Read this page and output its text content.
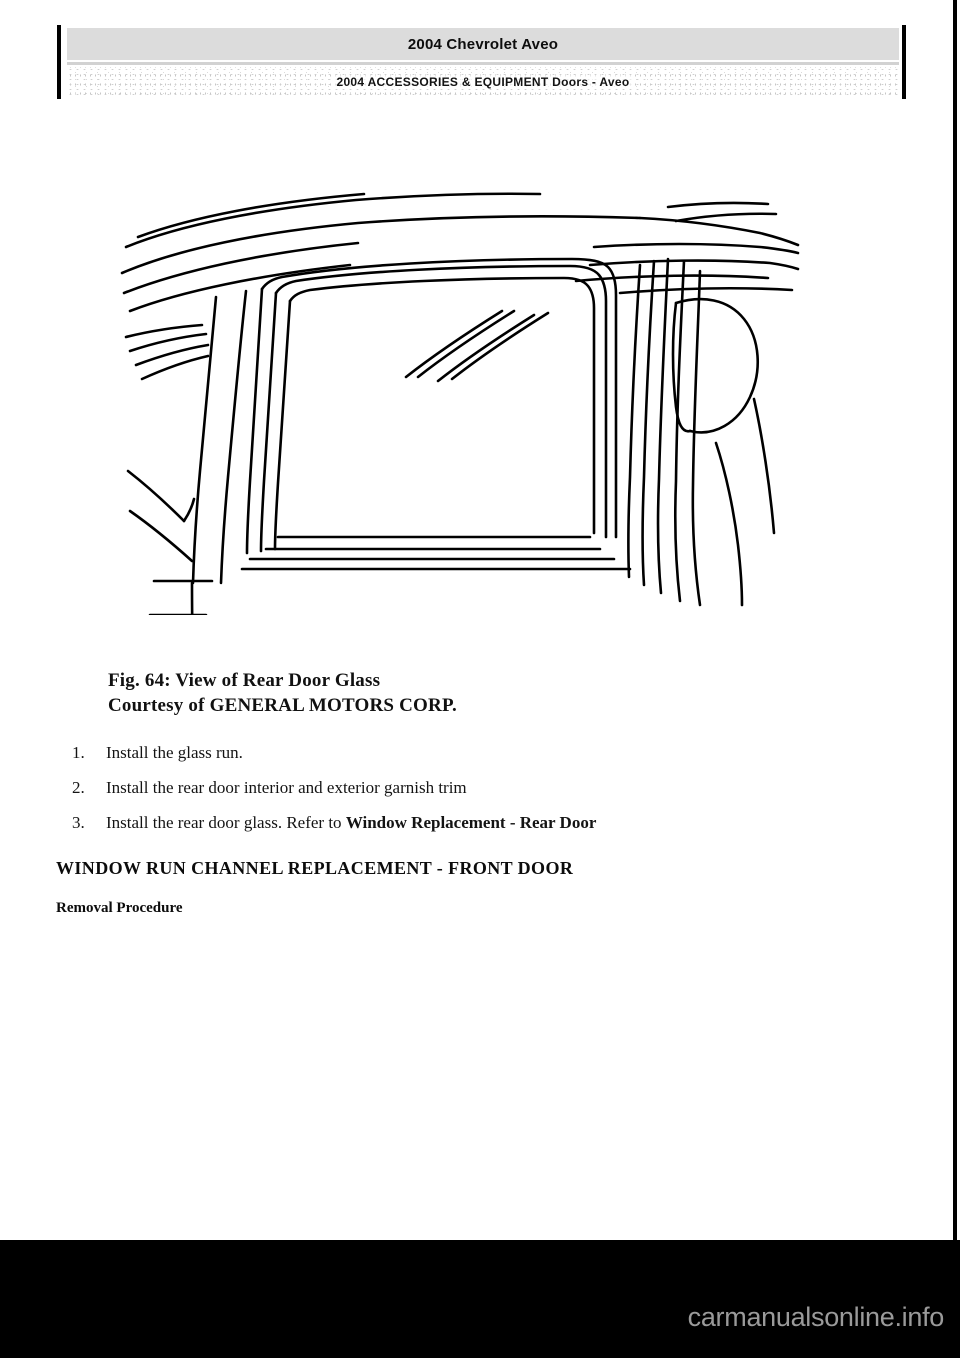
2004 Chevrolet Aveo
2004 ACCESSORIES & EQUIPMENT Doors - Aveo
Fig. 64: View of Rear Door Glass
Courtesy of GENERAL MOTORS CORP.
1.	Install the glass run.
2.	Install the rear door interior and exterior garnish trim
3.	Install the rear door glass. Refer to Window Replacement - Rear Door
WINDOW RUN CHANNEL REPLACEMENT - FRONT DOOR
Removal Procedure
carmanualsonline.info
